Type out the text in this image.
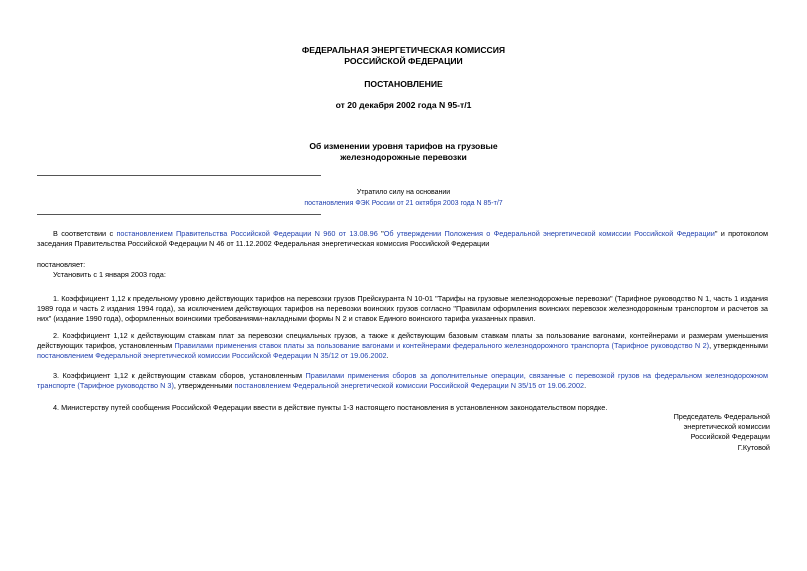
ФЕДЕРАЛЬНАЯ ЭНЕРГЕТИЧЕСКАЯ КОМИССИЯ
РОССИЙСКОЙ ФЕДЕРАЦИИ
ПОСТАНОВЛЕНИЕ
от 20 декабря 2002 года N 95-т/1
Об изменении уровня тарифов на грузовые
железнодорожные перевозки
Утратило силу на основании
постановления ФЭК России от 21 октября 2003 года N 85-т/7
В соответствии с постановлением Правительства Российской Федерации N 960 от 13.08.96 "Об утверждении Положения о Федеральной энергетической комиссии Российской Федерации" и протоколом заседания Правительства Российской Федерации N 46 от 11.12.2002 Федеральная энергетическая комиссия Российской Федерации
постановляет:
Установить с 1 января 2003 года:
1. Коэффициент 1,12 к предельному уровню действующих тарифов на перевозки грузов Прейскуранта N 10-01 "Тарифы на грузовые железнодорожные перевозки" (Тарифное руководство N 1, часть 1 издания 1989 года и часть 2 издания 1994 года), за исключением действующих тарифов на перевозки воинских грузов согласно "Правилам оформления воинских перевозок железнодорожным транспортом и расчетов за них" (издание 1990 года), оформленных воинскими требованиями-накладными формы N 2 и ставок Единого воинского тарифа указанных правил.
2. Коэффициент 1,12 к действующим ставкам плат за перевозки специальных грузов, а также к действующим базовым ставкам платы за пользование вагонами, контейнерами и размерам уменьшения действующих тарифов, установленным Правилами применения ставок платы за пользование вагонами и контейнерами федерального железнодорожного транспорта (Тарифное руководство N 2), утвержденными постановлением Федеральной энергетической комиссии Российской Федерации N 35/12 от 19.06.2002.
3. Коэффициент 1,12 к действующим ставкам сборов, установленным Правилами применения сборов за дополнительные операции, связанные с перевозкой грузов на федеральном железнодорожном транспорте (Тарифное руководство N 3), утвержденными постановлением Федеральной энергетической комиссии Российской Федерации N 35/15 от 19.06.2002.
4. Министерству путей сообщения Российской Федерации ввести в действие пункты 1-3 настоящего постановления в установленном законодательством порядке.
Председатель Федеральной
энергетической комиссии
Российской Федерации
Г.Кутовой
